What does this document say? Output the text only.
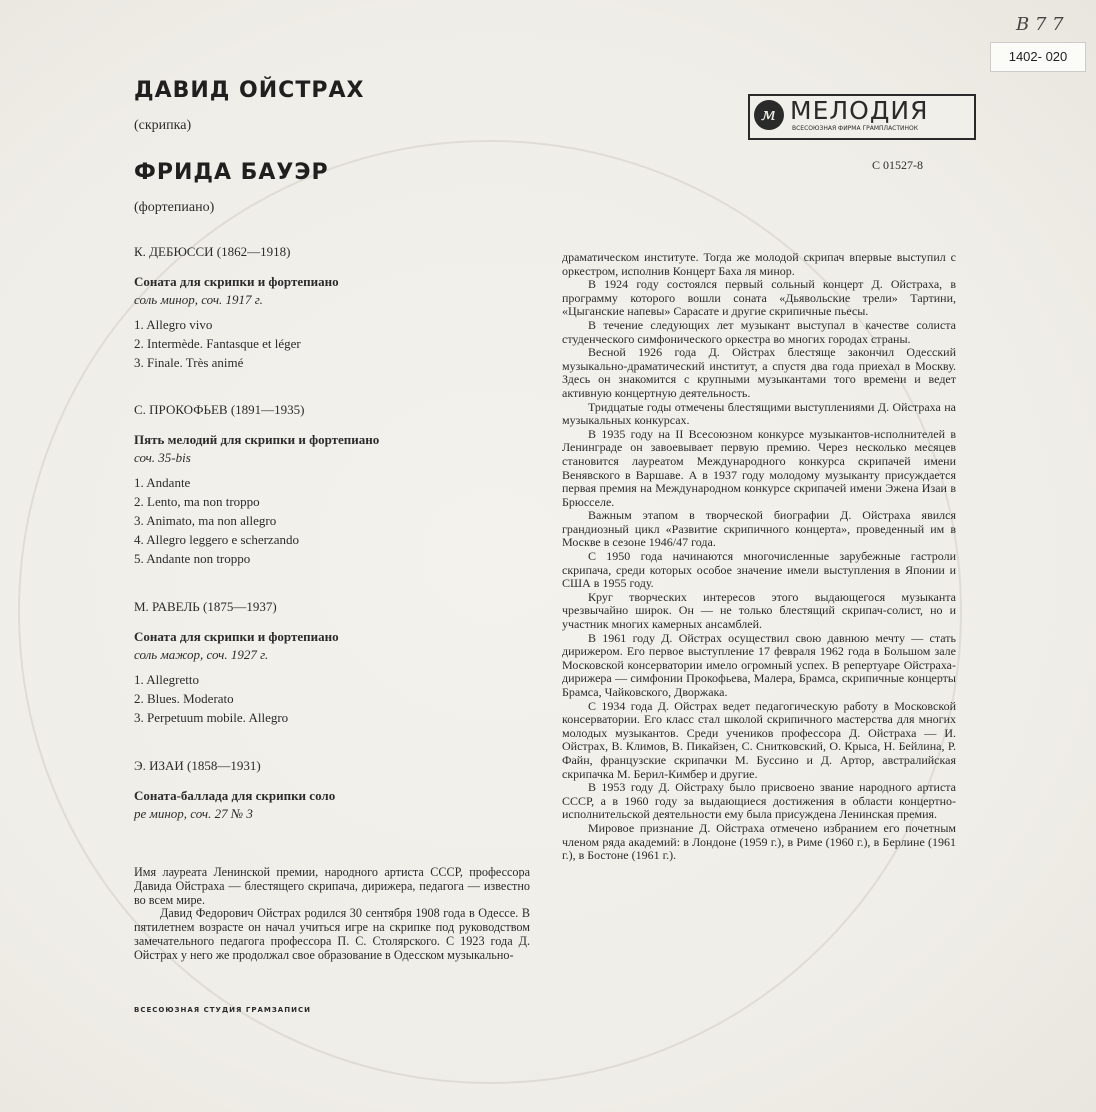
В 7 7
1402- 020
ДАВИД ОЙСТРАХ
(скрипка)
ФРИДА БАУЭР
(фортепиано)
м МЕЛОДИЯ
ВСЕСОЮЗНАЯ ФИРМА ГРАМПЛАСТИНОК
С 01527-8
К. ДЕБЮССИ (1862—1918)
Соната для скрипки и фортепиано
соль минор, соч. 1917 г.
1. Allegro vivo
2. Intermède. Fantasque et léger
3. Finale. Très animé
С. ПРОКОФЬЕВ (1891—1935)
Пять мелодий для скрипки и фортепиано
соч. 35-bis
1. Andante
2. Lento, ma non troppo
3. Animato, ma non allegro
4. Allegro leggero e scherzando
5. Andante non troppo
М. РАВЕЛЬ (1875—1937)
Соната для скрипки и фортепиано
соль мажор, соч. 1927 г.
1. Allegretto
2. Blues. Moderato
3. Perpetuum mobile. Allegro
Э. ИЗАИ (1858—1931)
Соната-баллада для скрипки соло
ре минор, соч. 27 № 3

Имя лауреата Ленинской премии, народного артиста СССР, профессора Давида Ойстраха — блестящего скрипача, дирижера, педагога — известно во всем мире.

Давид Федорович Ойстрах родился 30 сентября 1908 года в Одессе. В пятилетнем возрасте он начал учиться игре на скрипке под руководством замечательного педагога профессора П. С. Столярского. С 1923 года Д. Ойстрах у него же продолжал свое образование в Одесском музыкально-

драматическом институте. Тогда же молодой скрипач впервые выступил с оркестром, исполнив Концерт Баха ля минор.

В 1924 году состоялся первый сольный концерт Д. Ойстраха, в программу которого вошли соната «Дьявольские трели» Тартини, «Цыганские напевы» Сарасате и другие скрипичные пьесы.

В течение следующих лет музыкант выступал в качестве солиста студенческого симфонического оркестра во многих городах страны.

Весной 1926 года Д. Ойстрах блестяще закончил Одесский музыкально-драматический институт, а спустя два года приехал в Москву. Здесь он знакомится с крупными музыкантами того времени и ведет активную концертную деятельность.

Тридцатые годы отмечены блестящими выступлениями Д. Ойстраха на музыкальных конкурсах.

В 1935 году на II Всесоюзном конкурсе музыкантов-исполнителей в Ленинграде он завоевывает первую премию. Через несколько месяцев становится лауреатом Международного конкурса скрипачей имени Венявского в Варшаве. А в 1937 году молодому музыканту присуждается первая премия на Международном конкурсе скрипачей имени Эжена Изаи в Брюсселе.

Важным этапом в творческой биографии Д. Ойстраха явился грандиозный цикл «Развитие скрипичного концерта», проведенный им в Москве в сезоне 1946/47 года.

С 1950 года начинаются многочисленные зарубежные гастроли скрипача, среди которых особое значение имели выступления в Японии и США в 1955 году.

Круг творческих интересов этого выдающегося музыканта чрезвычайно широк. Он — не только блестящий скрипач-солист, но и участник многих камерных ансамблей.

В 1961 году Д. Ойстрах осуществил свою давнюю мечту — стать дирижером. Его первое выступление 17 февраля 1962 года в Большом зале Московской консерватории имело огромный успех. В репертуаре Ойстраха-дирижера — симфонии Прокофьева, Малера, Брамса, скрипичные концерты Брамса, Чайковского, Дворжака.

С 1934 года Д. Ойстрах ведет педагогическую работу в Московской консерватории. Его класс стал школой скрипичного мастерства для многих молодых музыкантов. Среди учеников профессора Д. Ойстраха — И. Ойстрах, В. Климов, В. Пикайзен, С. Снитковский, О. Крыса, Н. Бейлина, Р. Файн, французские скрипачки М. Буссино и Д. Артор, австралийская скрипачка М. Берил-Кимбер и другие.

В 1953 году Д. Ойстраху было присвоено звание народного артиста СССР, а в 1960 году за выдающиеся достижения в области концертно-исполнительской деятельности ему была присуждена Ленинская премия.

Мировое признание Д. Ойстраха отмечено избранием его почетным членом ряда академий: в Лондоне (1959 г.), в Риме (1960 г.), в Берлине (1961 г.), в Бостоне (1961 г.).

ВСЕСОЮЗНАЯ СТУДИЯ ГРАМЗАПИСИ
